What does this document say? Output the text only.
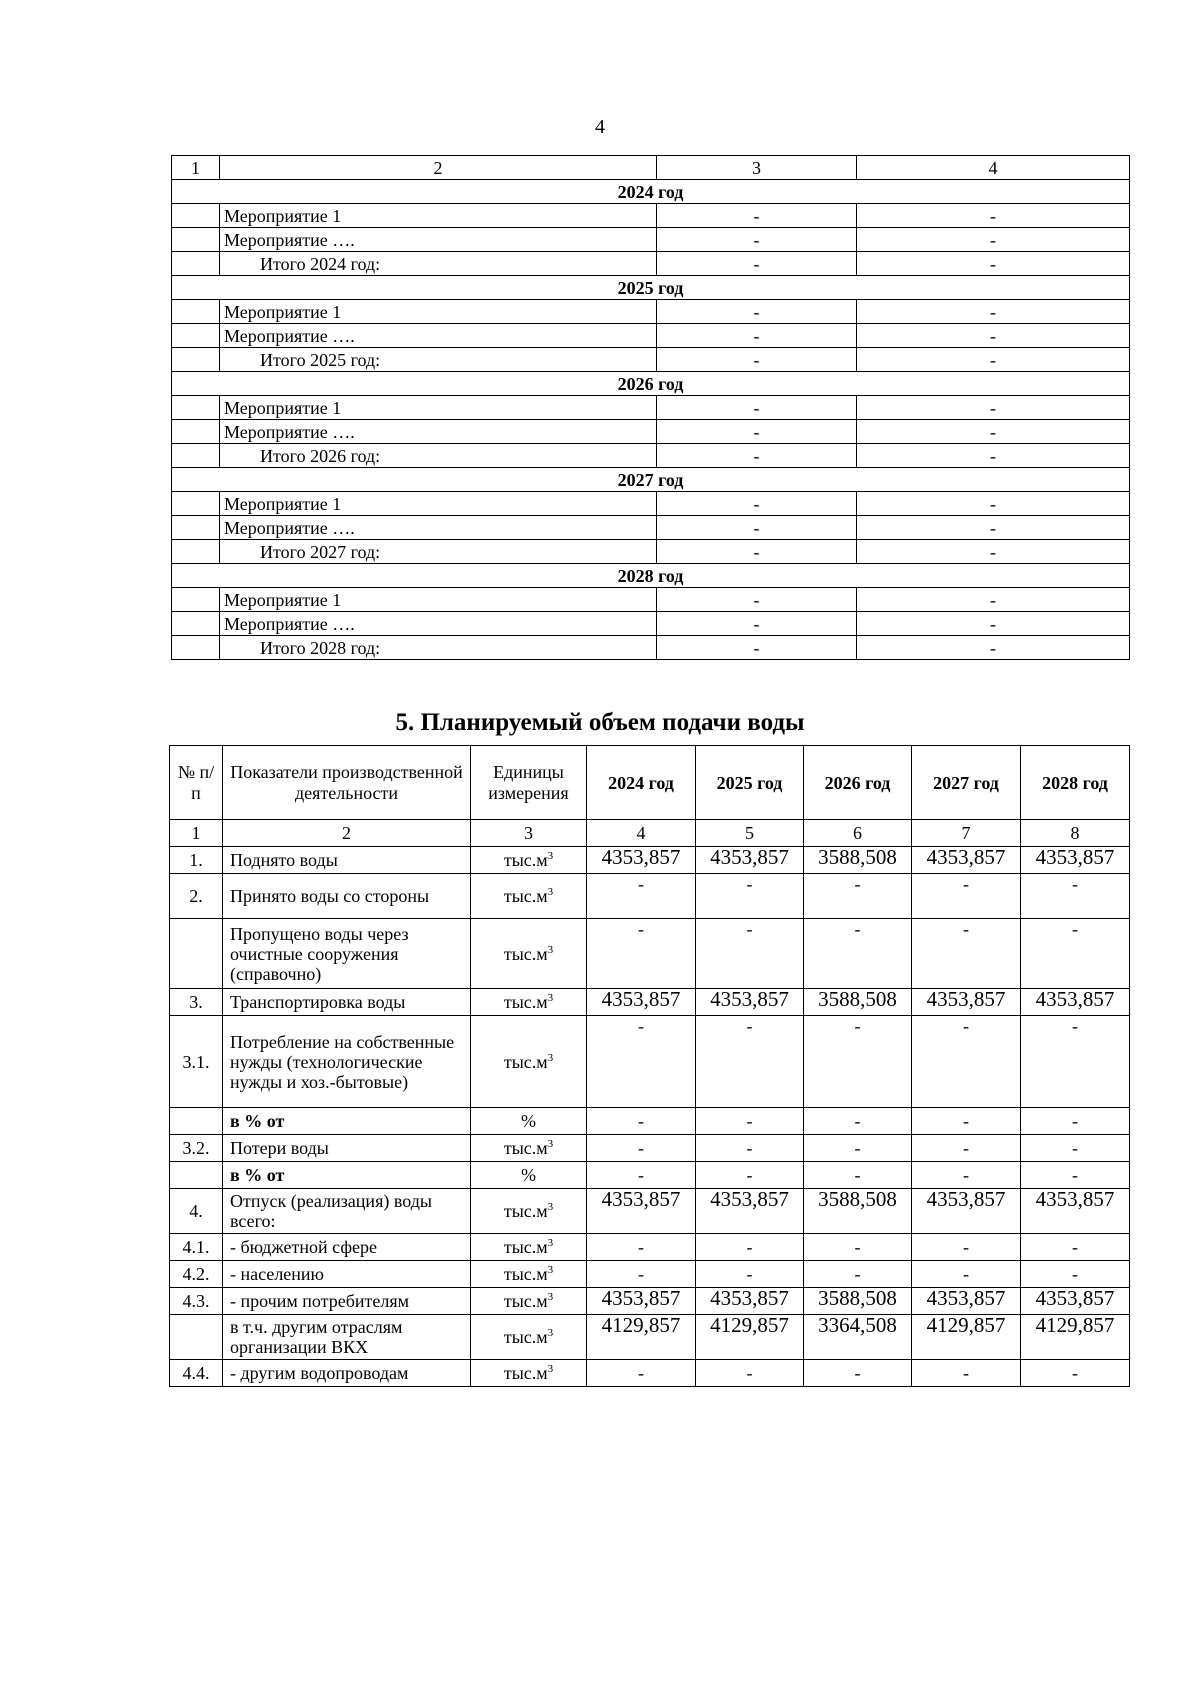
4
1	2	3	4
2024 год			
	Мероприятие 1	-	-
	Мероприятие ….	-	-
	Итого 2024 год:	-	-
2025 год			
	Мероприятие 1	-	-
	Мероприятие ….	-	-
	Итого 2025 год:	-	-
2026 год			
	Мероприятие 1	-	-
	Мероприятие ….	-	-
	Итого 2026 год:	-	-
2027 год			
	Мероприятие 1	-	-
	Мероприятие ….	-	-
	Итого 2027 год:	-	-
2028 год			
	Мероприятие 1	-	-
	Мероприятие ….	-	-
	Итого 2028 год:	-	-
5. Планируемый объем подачи воды
№ п/п	Показатели производственной деятельности	Единицы измерения	2024 год	2025 год	2026 год	2027 год	2028 год
1	2	3	4	5	6	7	8
1.	Поднято воды	$тыс.м^3$	4353,857	4353,857	3588,508	4353,857	4353,857
2.	Принято воды со стороны	$тыс.м^3$	-	-	-	-	-
	Пропущено воды через очистные сооружения (справочно)	$тыс.м^3$	-	-	-	-	-
3.	Транспортировка воды	$тыс.м^3$	4353,857	4353,857	3588,508	4353,857	4353,857
3.1.	Потребление на собственные нужды (технологические нужды и хоз.-бытовые)	$тыс.м^3$	-	-	-	-	-
	в % от	%	-	-	-	-	-
3.2.	Потери воды	$тыс.м^3$	-	-	-	-	-
	в % от	%	-	-	-	-	-
4.	Отпуск (реализация) воды всего:	$тыс.м^3$	4353,857	4353,857	3588,508	4353,857	4353,857
4.1.	- бюджетной сфере	$тыс.м^3$	-	-	-	-	-
4.2.	- населению	$тыс.м^3$	-	-	-	-	-
4.3.	- прочим потребителям	$тыс.м^3$	4353,857	4353,857	3588,508	4353,857	4353,857
	в т.ч. другим отраслям организации ВКХ	$тыс.м^3$	4129,857	4129,857	3364,508	4129,857	4129,857
4.4.	- другим водопроводам	$тыс.м^3$	-	-	-	-	-
